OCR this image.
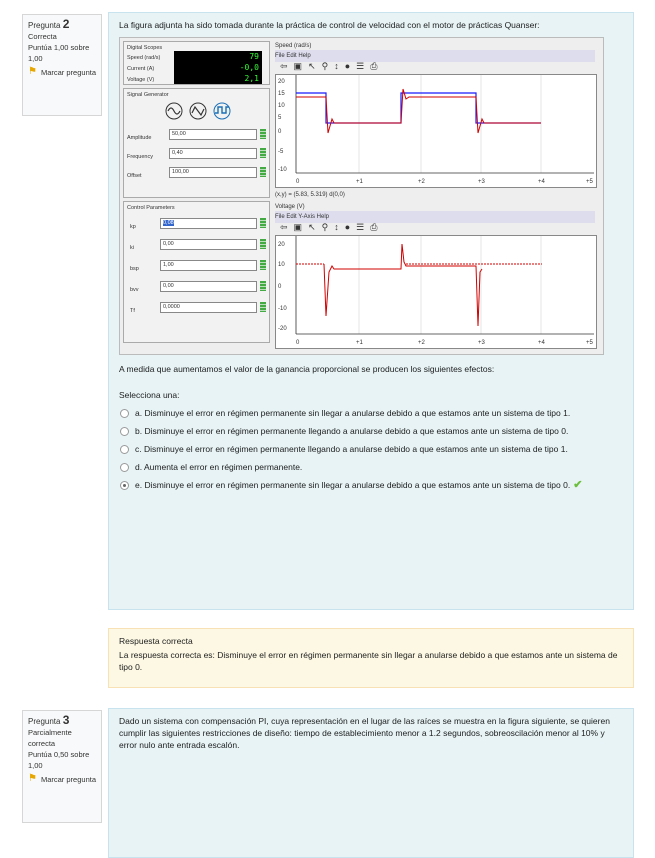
Pregunta 2
Correcta
Puntúa 1,00 sobre 1,00
⚑ Marcar pregunta
La figura adjunta ha sido tomada durante la práctica de control de velocidad con el motor de prácticas Quanser:
Digital Scopes
Speed (rad/s)	79
Current (A)	-0,0
Voltage (V)	2,1
Signal Generator
Amplitude
50,00
Frequency
0,40
Offset
100,00
Control Parameters
kp
0,08
ki
0,00
bsp
1,00
bvv
0,00
Tf
0,0000
Speed (rad/s)
File Edit Help
⇦ ▣ ↖ ⚲ ↕ ● ☰ ⎙
20
15
10
5
0
-5
-10
0	+1	+2	+3	+4	+5
(x,y) = (5.83, 5.319) d(0,0)
Voltage (V)
File Edit Y-Axis Help
⇦ ▣ ↖ ⚲ ↕ ● ☰ ⎙
20
10
0
-10
-20
0	+1	+2	+3	+4	+5
A medida que aumentamos el valor de la ganancia proporcional se producen los siguientes efectos:
Selecciona una:
a. Disminuye el error en régimen permanente sin llegar a anularse debido a que estamos ante un sistema de tipo 1.
b. Disminuye el error en régimen permanente llegando a anularse debido a que estamos ante un sistema de tipo 0.
c. Disminuye el error en régimen permanente llegando a anularse debido a que estamos ante un sistema de tipo 1.
d. Aumenta el error en régimen permanente.
e. Disminuye el error en régimen permanente sin llegar a anularse debido a que estamos ante un sistema de tipo 0. ✔
Respuesta correcta
La respuesta correcta es: Disminuye el error en régimen permanente sin llegar a anularse debido a que estamos ante un sistema de tipo 0.
Pregunta 3
Parcialmente correcta
Puntúa 0,50 sobre 1,00
⚑ Marcar pregunta
Dado un sistema con compensación PI, cuya representación en el lugar de las raíces se muestra en la figura siguiente, se quieren cumplir las siguientes restricciones de diseño: tiempo de establecimiento menor a 1.2 segundos, sobreoscilación menor al 10% y error nulo ante entrada escalón.
